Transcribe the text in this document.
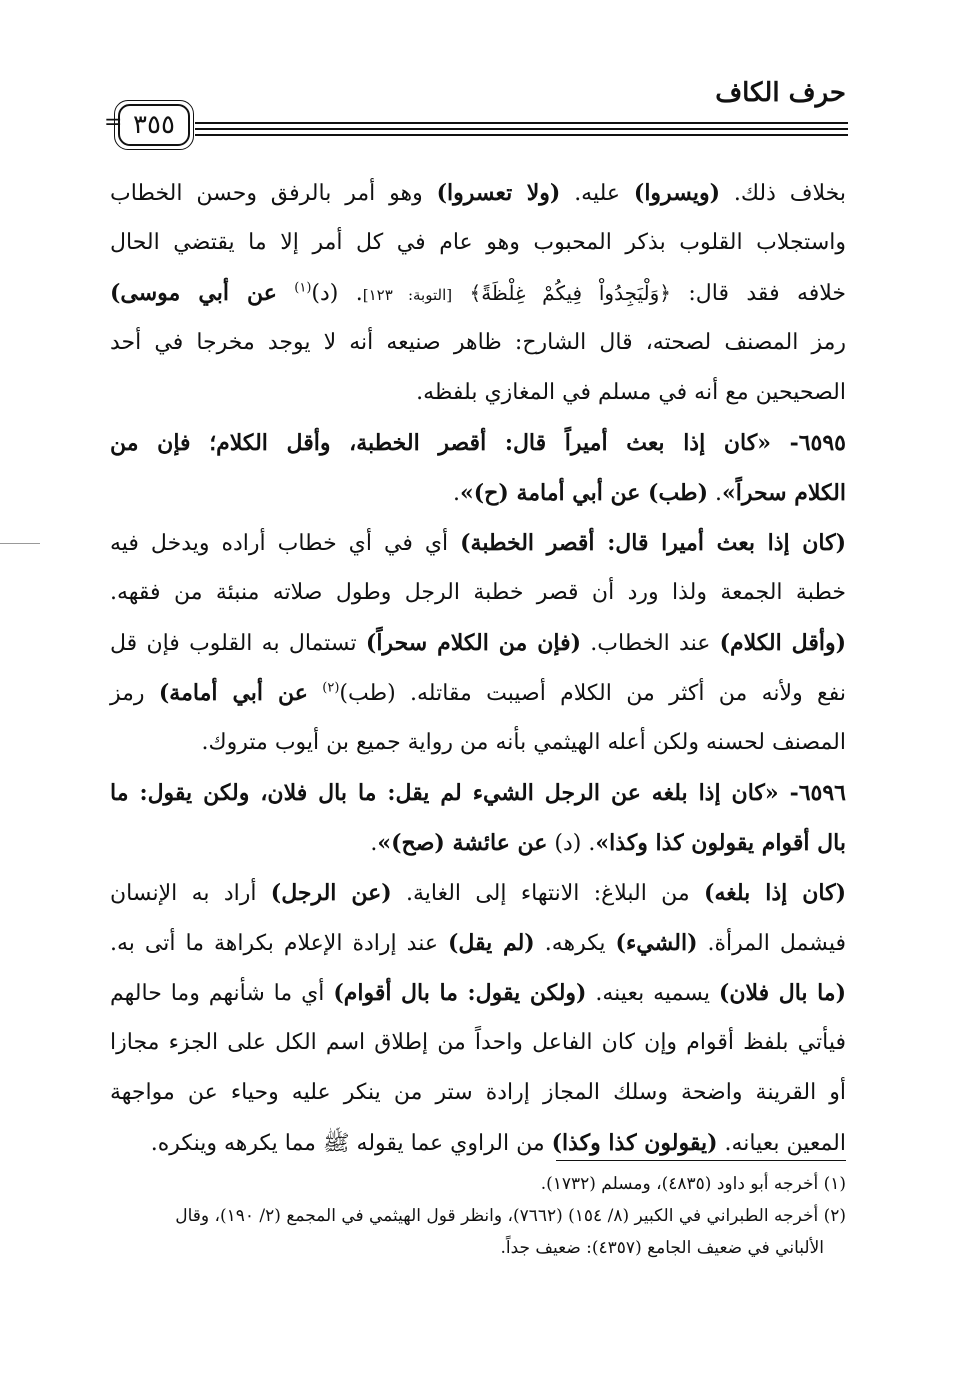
حرف الكاف
٣٥٥
=
بخلاف ذلك. (ويسروا) عليه. (ولا تعسروا) وهو أمر بالرفق وحسن الخطاب
واستجلاب القلوب بذكر المحبوب وهو عام في كل أمر إلا ما يقتضي الحال
خلافه فقد قال: ﴿وَلْيَجِدُواْ فِيكُمْ غِلْظَةً﴾ [التوبة: ١٢٣]. (د)$^{(١)}$ عن أبي موسى)
رمز المصنف لصحته، قال الشارح: ظاهر صنيعه أنه لا يوجد مخرجا في أحد
الصحيحين مع أنه في مسلم في المغازي بلفظه.
٦٥٩٥- «كان إذا بعث أميراً قال: أقصر الخطبة، وأقل الكلام؛ فإن من
الكلام سحراً». (طب) عن أبي أمامة (ح)».
(كان إذا بعث أميرا قال: أقصر الخطبة) أي في أي خطاب أراده ويدخل فيه
خطبة الجمعة ولذا ورد أن قصر خطبة الرجل وطول صلاته منبئة من فقهه.
(وأقل الكلام) عند الخطاب. (فإن من الكلام سحراً) تستمال به القلوب فإن قل
نفع ولأنه من أكثر من الكلام أصيبت مقاتله. (طب)$^{(٢)}$ عن أبي أمامة) رمز
المصنف لحسنه ولكن أعله الهيثمي بأنه من رواية جميع بن أيوب متروك.
٦٥٩٦- «كان إذا بلغه عن الرجل الشيء لم يقل: ما بال فلان، ولكن يقول: ما
بال أقوام يقولون كذا وكذا». (د) عن عائشة (صح)».
(كان إذا بلغه) من البلاغ: الانتهاء إلى الغاية. (عن الرجل) أراد به الإنسان
فيشمل المرأة. (الشيء) يكرهه. (لم يقل) عند إرادة الإعلام بكراهة ما أتى به.
(ما بال فلان) يسميه بعينه. (ولكن يقول: ما بال أقوام) أي ما شأنهم وما حالهم
فيأتي بلفظ أقوام وإن كان الفاعل واحداً من إطلاق اسم الكل على الجزء مجازا
أو القرينة واضحة وسلك المجاز إرادة ستر من ينكر عليه وحياء عن مواجهة
المعين بعيانه. (يقولون كذا وكذا) من الراوي عما يقوله ﷺ مما يكرهه وينكره.
(١) أخرجه أبو داود (٤٨٣٥)، ومسلم (١٧٣٢).
(٢) أخرجه الطبراني في الكبير (٨/ ١٥٤) (٧٦٦٢)، وانظر قول الهيثمي في المجمع (٢/ ١٩٠)، وقال
الألباني في ضعيف الجامع (٤٣٥٧): ضعيف جداً.
